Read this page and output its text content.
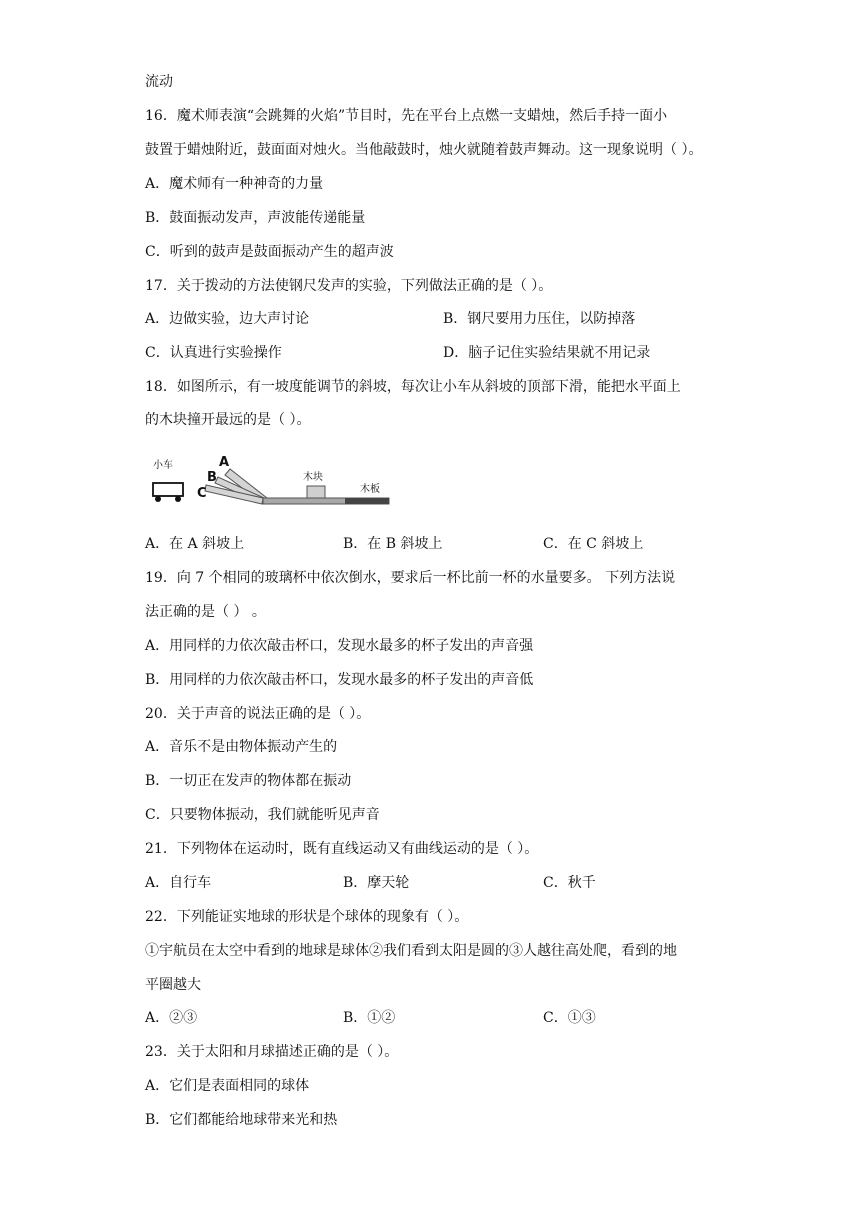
流动
16．魔术师表演“会跳舞的火焰”节目时，先在平台上点燃一支蜡烛，然后手持一面小
鼓置于蜡烛附近，鼓面面对烛火。当他敲鼓时，烛火就随着鼓声舞动。这一现象说明（ ）。
A．魔术师有一种神奇的力量
B．鼓面振动发声，声波能传递能量
C．听到的鼓声是鼓面振动产生的超声波
17．关于拨动的方法使钢尺发声的实验，下列做法正确的是（ ）。
A．边做实验，边大声讨论	B．钢尺要用力压住，以防掉落
C．认真进行实验操作	D．脑子记住实验结果就不用记录
18．如图所示，有一坡度能调节的斜坡，每次让小车从斜坡的顶部下滑，能把水平面上
的木块撞开最远的是（ ）。
小车	A
B
C
木块
木板
A．在 A 斜坡上	B．在 B 斜坡上	C．在 C 斜坡上
19．向 7 个相同的玻璃杯中依次倒水，要求后一杯比前一杯的水量要多。 下列方法说
法正确的是（ ） 。
A．用同样的力依次敲击杯口，发现水最多的杯子发出的声音强
B．用同样的力依次敲击杯口，发现水最多的杯子发出的声音低
20．关于声音的说法正确的是（ ）。
A．音乐不是由物体振动产生的
B．一切正在发声的物体都在振动
C．只要物体振动，我们就能听见声音
21．下列物体在运动时，既有直线运动又有曲线运动的是（ ）。
A．自行车	B．摩天轮	C．秋千
22．下列能证实地球的形状是个球体的现象有（ ）。
①宇航员在太空中看到的地球是球体②我们看到太阳是圆的③人越往高处爬，看到的地
平圈越大
A．②③	B．①②	C．①③
23．关于太阳和月球描述正确的是（ ）。
A．它们是表面相同的球体
B．它们都能给地球带来光和热
